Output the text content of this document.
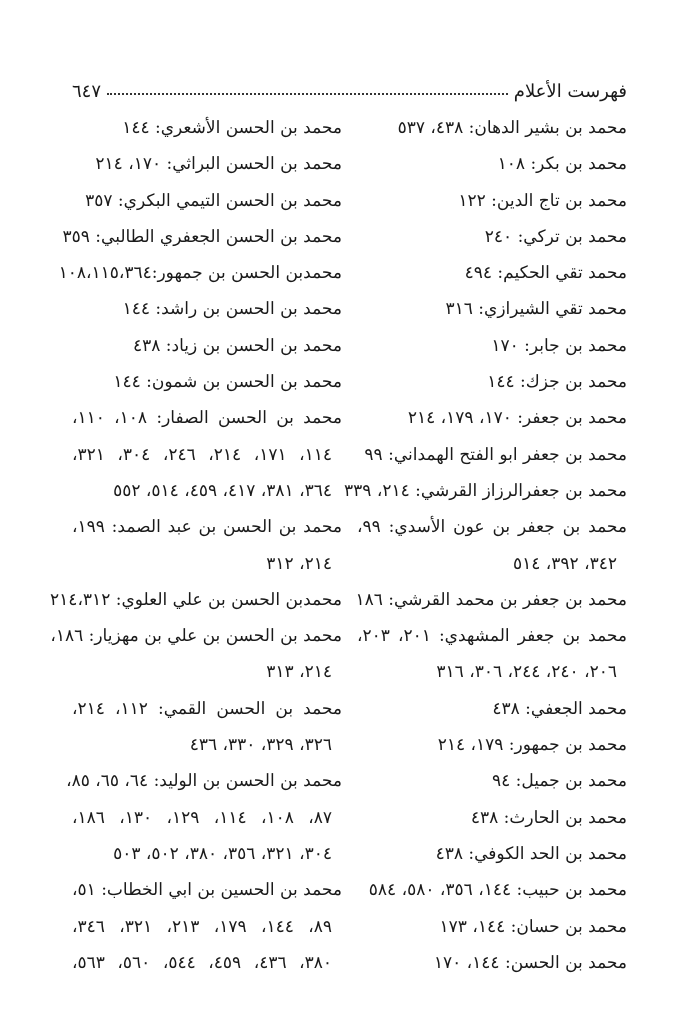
فهرست الأعلام
٦٤٧
محمد بن بشير الدهان: ٤٣٨، ٥٣٧
محمد بن بكر: ١٠٨
محمد بن تاج الدين: ١٢٢
محمد بن تركي: ٢٤٠
محمد تقي الحكيم: ٤٩٤
محمد تقي الشيرازي: ٣١٦
محمد بن جابر: ١٧٠
محمد بن جزك: ١٤٤
محمد بن جعفر: ١٧٠، ١٧٩، ٢١٤
محمد بن جعفر ابو الفتح الهمداني: ٩٩
محمد بن جعفرالرزاز القرشي: ٢١٤، ٣٣٩
محمد بن جعفر بن عون الأسدي: ٩٩،
٣٤٢، ٣٩٢، ٥١٤
محمد بن جعفر بن محمد القرشي: ١٨٦
محمد بن جعفر المشهدي: ٢٠١، ٢٠٣،
٢٠٦، ٢٤٠، ٢٤٤، ٣٠٦، ٣١٦
محمد الجعفي: ٤٣٨
محمد بن جمهور: ١٧٩، ٢١٤
محمد بن جميل: ٩٤
محمد بن الحارث: ٤٣٨
محمد بن الحد الكوفي: ٤٣٨
محمد بن حبيب: ١٤٤، ٣٥٦، ٥٨٠، ٥٨٤
محمد بن حسان: ١٤٤، ١٧٣
محمد بن الحسن: ١٤٤، ١٧٠
محمد بن الحسن الأشعري: ١٤٤
محمد بن الحسن البراثي: ١٧٠، ٢١٤
محمد بن الحسن التيمي البكري: ٣٥٧
محمد بن الحسن الجعفري الطالبي: ٣٥٩
محمدبن الحسن بن جمهور:١٠٨،١١٥،٣٦٤
محمد بن الحسن بن راشد: ١٤٤
محمد بن الحسن بن زياد: ٤٣٨
محمد بن الحسن بن شمون: ١٤٤
محمد بن الحسن الصفار: ١٠٨، ١١٠،
١١٤، ١٧١، ٢١٤، ٢٤٦، ٣٠٤، ٣٢١،
٣٦٤، ٣٨١، ٤١٧، ٤٥٩، ٥١٤، ٥٥٢
محمد بن الحسن بن عبد الصمد: ١٩٩،
٢١٤، ٣١٢
محمدبن الحسن بن علي العلوي: ٢١٤،٣١٢
محمد بن الحسن بن علي بن مهزيار: ١٨٦،
٢١٤، ٣١٣
محمد بن الحسن القمي: ١١٢، ٢١٤،
٣٢٦، ٣٢٩، ٣٣٠، ٤٣٦
محمد بن الحسن بن الوليد: ٦٤، ٦٥، ٨٥،
٨٧، ١٠٨، ١١٤، ١٢٩، ١٣٠، ١٨٦،
٣٠٤، ٣٢١، ٣٥٦، ٣٨٠، ٥٠٢، ٥٠٣
محمد بن الحسين بن ابي الخطاب: ٥١،
٨٩، ١٤٤، ١٧٩، ٢١٣، ٣٢١، ٣٤٦،
٣٨٠، ٤٣٦، ٤٥٩، ٥٤٤، ٥٦٠، ٥٦٣،
